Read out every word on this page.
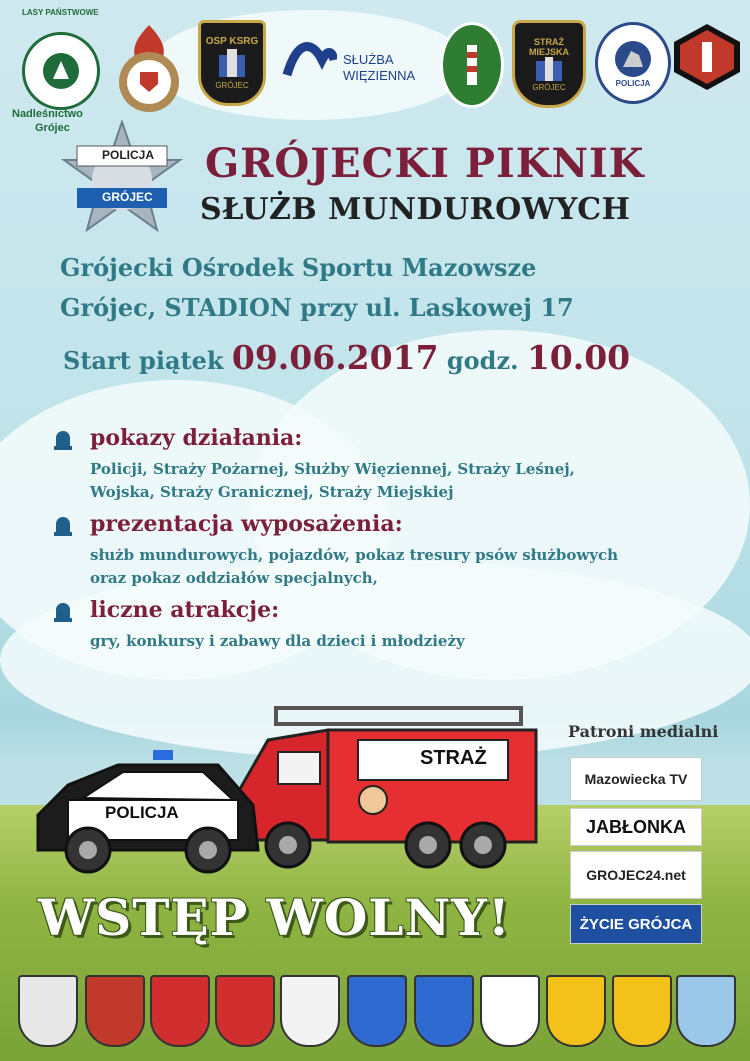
LASY PAŃSTWOWE
Nadleśnictwo
Grójec
OSP KSRG
GRÓJEC
SŁUŻBA
WIĘZIENNA
STRAŻ
MIEJSKA
GRÓJEC	POLICJA
POLICJA
GRÓJEC
GRÓJECKI PIKNIK
SŁUŻB MUNDUROWYCH
Grójecki Ośrodek Sportu Mazowsze
Grójec, STADION przy ul. Laskowej 17
Start piątek 09.06.2017 godz. 10.00
pokazy działania:
Policji, Straży Pożarnej, Służby Więziennej, Straży Leśnej,
Wojska, Straży Granicznej, Straży Miejskiej
prezentacja wyposażenia:
służb mundurowych, pojazdów, pokaz tresury psów służbowych
oraz pokaz oddziałów specjalnych,
liczne atrakcje:
gry, konkursy i zabawy dla dzieci i młodzieży
POLICJA
STRAŻ
WSTĘP WOLNY!
Patroni medialni
Mazowiecka TV
JABŁONKA
GROJEC24.net
ŻYCIE GRÓJCA
